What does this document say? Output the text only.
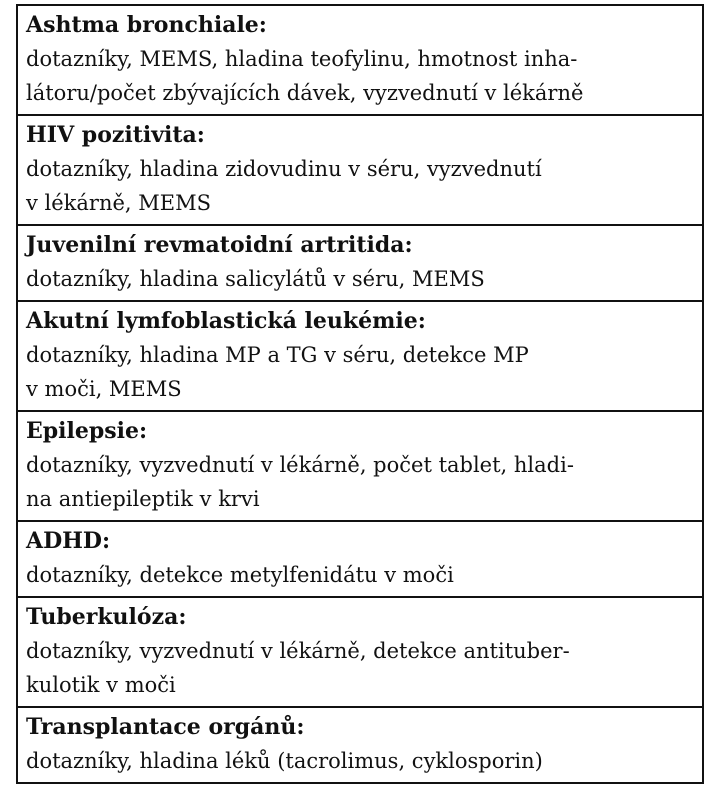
Ashtma bronchiale:
dotazníky, MEMS, hladina teofylinu, hmotnost inha-
látoru/počet zbývajících dávek, vyzvednutí v lékárně
HIV pozitivita:
dotazníky, hladina zidovudinu v séru, vyzvednutí
v lékárně, MEMS
Juvenilní revmatoidní artritida:
dotazníky, hladina salicylátů v séru, MEMS
Akutní lymfoblastická leukémie:
dotazníky, hladina MP a TG v séru, detekce MP
v moči, MEMS
Epilepsie:
dotazníky, vyzvednutí v lékárně, počet tablet, hladi-
na antiepileptik v krvi
ADHD:
dotazníky, detekce metylfenidátu v moči
Tuberkulóza:
dotazníky, vyzvednutí v lékárně, detekce antituber-
kulotik v moči
Transplantace orgánů:
dotazníky, hladina léků (tacrolimus, cyklosporin)
